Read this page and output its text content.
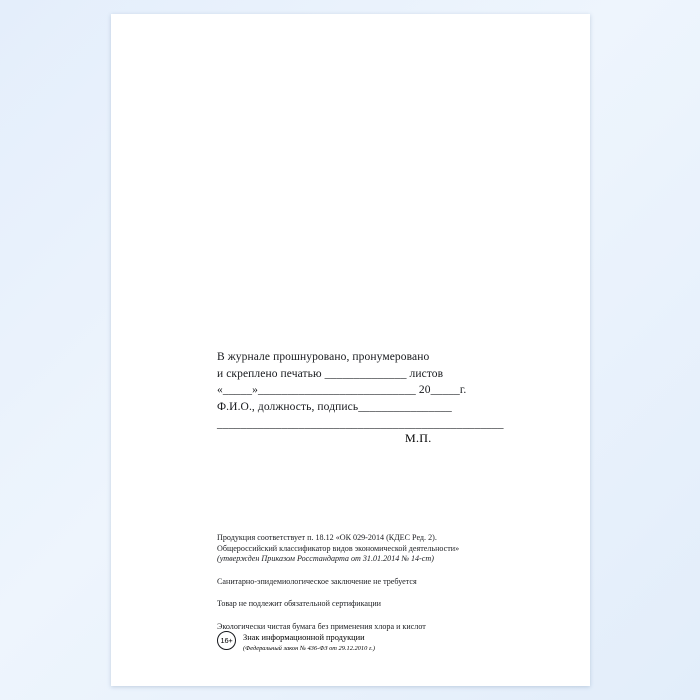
В журнале прошнуровано, пронумеровано
и скреплено печатью ______________ листов
«_____»___________________________ 20_____г.
Ф.И.О., должность, подпись________________
_________________________________________________
М.П.
Продукция соответствует п. 18.12 «ОК 029-2014 (КДЕС Ред. 2).
Общероссийский классификатор видов экономической деятельности»
(утвержден Приказом Росстандарта от 31.01.2014 № 14-ст)
Санитарно-эпидемиологическое заключение не требуется
Товар не подлежит обязательной сертификации
Экологически чистая бумага без применения хлора и кислот
16+	Знак информационной продукции
(Федеральный закон № 436-ФЗ от 29.12.2010 г.)
